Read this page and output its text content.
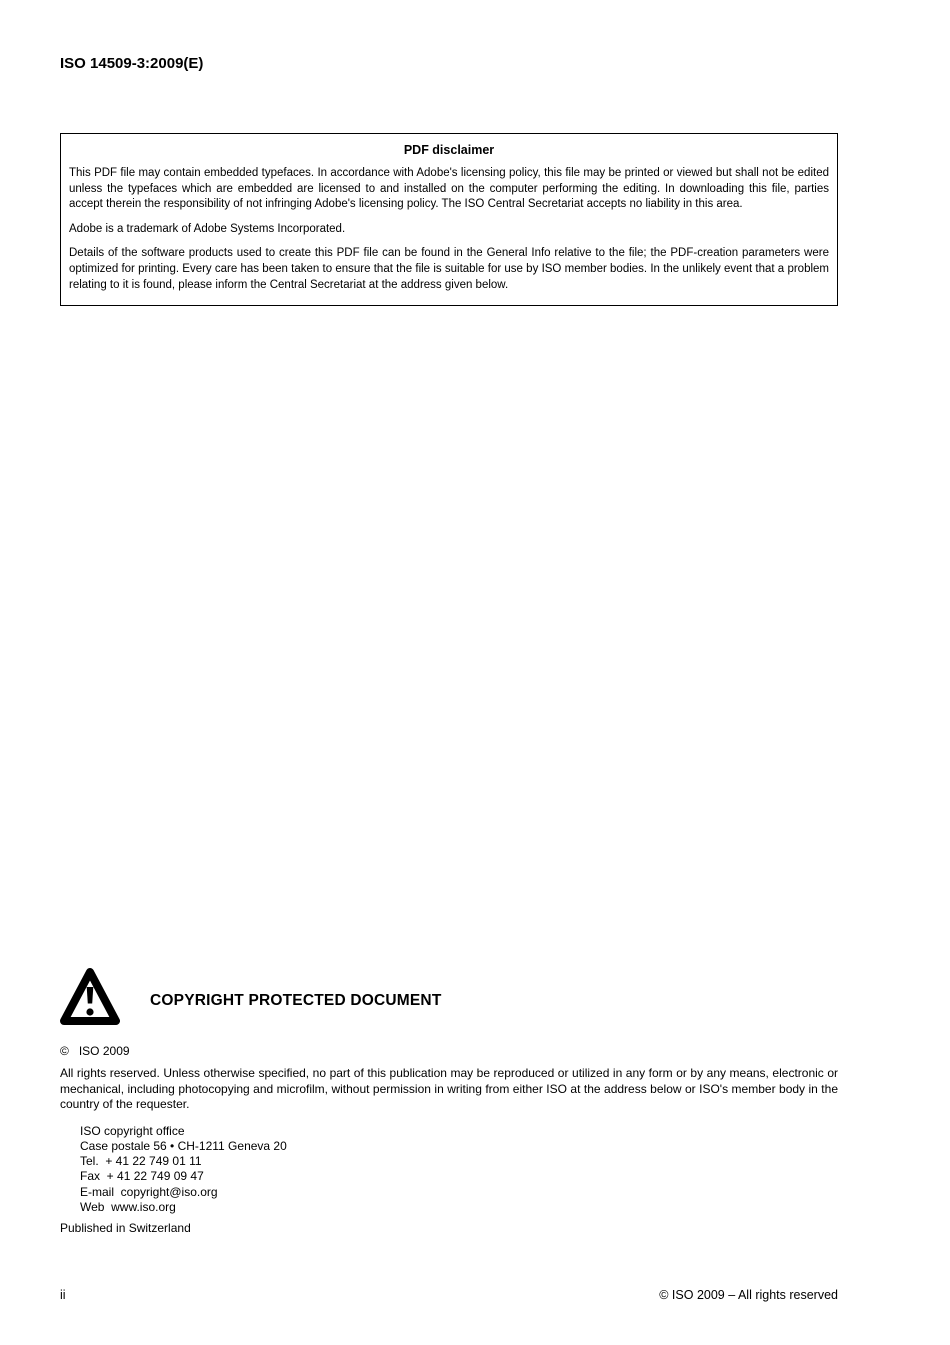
ISO 14509-3:2009(E)
PDF disclaimer

This PDF file may contain embedded typefaces. In accordance with Adobe's licensing policy, this file may be printed or viewed but shall not be edited unless the typefaces which are embedded are licensed to and installed on the computer performing the editing. In downloading this file, parties accept therein the responsibility of not infringing Adobe's licensing policy. The ISO Central Secretariat accepts no liability in this area.

Adobe is a trademark of Adobe Systems Incorporated.

Details of the software products used to create this PDF file can be found in the General Info relative to the file; the PDF-creation parameters were optimized for printing. Every care has been taken to ensure that the file is suitable for use by ISO member bodies. In the unlikely event that a problem relating to it is found, please inform the Central Secretariat at the address given below.

COPYRIGHT PROTECTED DOCUMENT
©   ISO 2009

All rights reserved. Unless otherwise specified, no part of this publication may be reproduced or utilized in any form or by any means, electronic or mechanical, including photocopying and microfilm, without permission in writing from either ISO at the address below or ISO's member body in the country of the requester.

ISO copyright office
Case postale 56 • CH-1211 Geneva 20
Tel.  + 41 22 749 01 11
Fax  + 41 22 749 09 47
E-mail  copyright@iso.org
Web  www.iso.org
Published in Switzerland
ii	© ISO 2009 – All rights reserved
